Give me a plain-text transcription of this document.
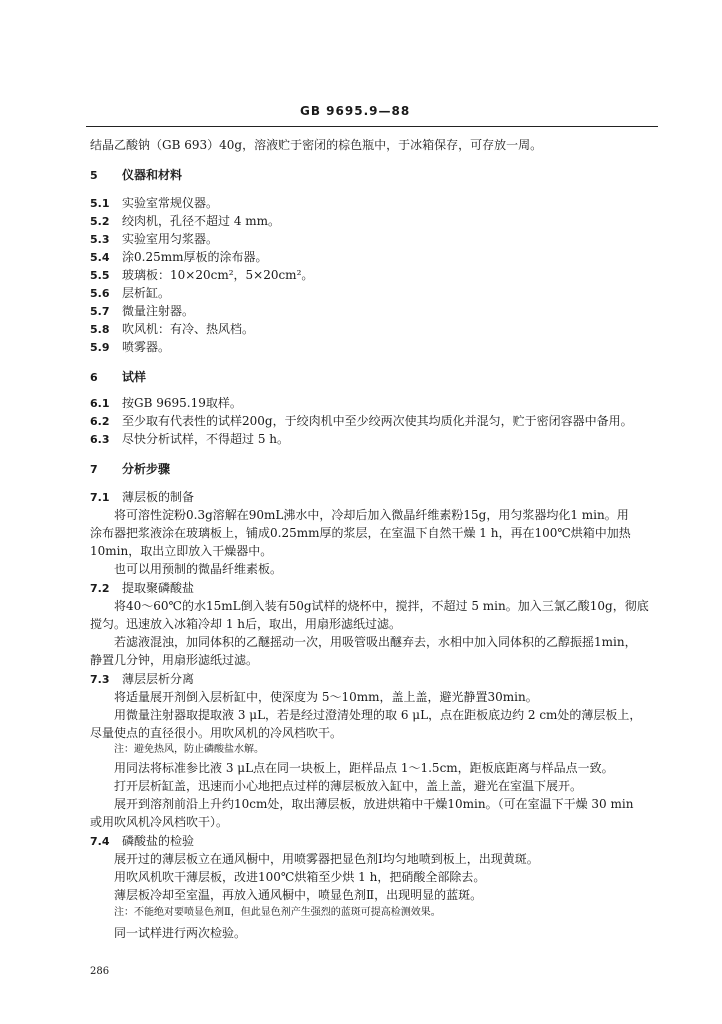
GB 9695.9—88
结晶乙酸钠（GB 693）40g，溶液贮于密闭的棕色瓶中，于冰箱保存，可存放一周。
5 仪器和材料
5.1 实验室常规仪器。
5.2 绞肉机，孔径不超过 4 mm。
5.3 实验室用匀浆器。
5.4 涂0.25mm厚板的涂布器。
5.5 玻璃板：10×20cm²，5×20cm²。
5.6 层析缸。
5.7 微量注射器。
5.8 吹风机：有冷、热风档。
5.9 喷雾器。
6 试样
6.1 按GB 9695.19取样。
6.2 至少取有代表性的试样200g，于绞肉机中至少绞两次使其均质化并混匀，贮于密闭容器中备用。
6.3 尽快分析试样，不得超过 5 h。
7 分析步骤
7.1 薄层板的制备
将可溶性淀粉0.3g溶解在90mL沸水中，冷却后加入微晶纤维素粉15g，用匀浆器均化1 min。用
涂布器把浆液涂在玻璃板上，铺成0.25mm厚的浆层，在室温下自然干燥 1 h，再在100℃烘箱中加热
10min，取出立即放入干燥器中。
也可以用预制的微晶纤维素板。
7.2 提取聚磷酸盐
将40～60℃的水15mL倒入装有50g试样的烧杯中，搅拌，不超过 5 min。加入三氯乙酸10g，彻底
搅匀。迅速放入冰箱冷却 1 h后，取出，用扇形滤纸过滤。
若滤液混浊，加同体积的乙醚摇动一次，用吸管吸出醚弃去，水相中加入同体积的乙醇振摇1min，
静置几分钟，用扇形滤纸过滤。
7.3 薄层层析分离
将适量展开剂倒入层析缸中，使深度为 5～10mm，盖上盖，避光静置30min。
用微量注射器取提取液 3 μL，若是经过澄清处理的取 6 μL，点在距板底边约 2 cm处的薄层板上，
尽量使点的直径很小。用吹风机的冷风档吹干。
注：避免热风，防止磷酸盐水解。
用同法将标准参比液 3 μL点在同一块板上，距样品点 1～1.5cm，距板底距离与样品点一致。
打开层析缸盖，迅速而小心地把点过样的薄层板放入缸中，盖上盖，避光在室温下展开。
展开到溶剂前沿上升约10cm处，取出薄层板，放进烘箱中干燥10min。（可在室温下干燥 30 min
或用吹风机冷风档吹干）。
7.4 磷酸盐的检验
展开过的薄层板立在通风橱中，用喷雾器把显色剂Ⅰ均匀地喷到板上，出现黄斑。
用吹风机吹干薄层板，改进100℃烘箱至少烘 1 h，把硝酸全部除去。
薄层板冷却至室温，再放入通风橱中，喷显色剂Ⅱ，出现明显的蓝斑。
注：不能绝对要喷显色剂Ⅱ，但此显色剂产生强烈的蓝斑可提高检测效果。
同一试样进行两次检验。
286
